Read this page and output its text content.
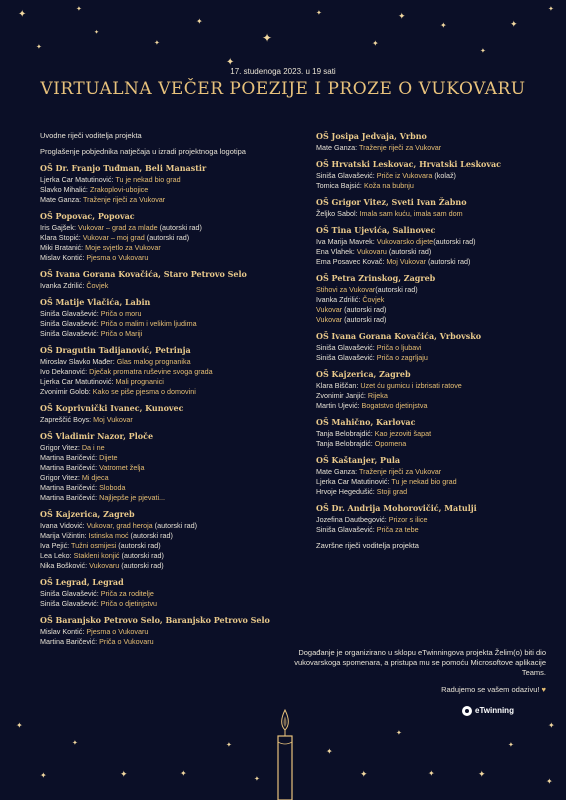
✦	✦
✦
✦
✦
✦	✦
✦	✦
✦
✦	✦
✦
✦
✦
✦
✦
✦	✦
✦
✦
✦
✦
✦	✦
✦
✦
✦	✦	✦
17. studenoga 2023. u 19 sati
VIRTUALNA VEČER POEZIJE I PROZE O VUKOVARU
Uvodne riječi voditelja projekta
Proglašenje pobjednika natječaja u izradi projektnoga logotipa
OŠ Dr. Franjo Tuđman, Beli Manastir
Ljerka Car Matutinović: Tu je nekad bio grad
Slavko Mihalić: Zrakoplovi-ubojice
Mate Ganza: Traženje riječi za Vukovar
OŠ Popovac, Popovac
Iris Gajšek: Vukovar – grad za mlade (autorski rad)
Klara Stopić: Vukovar – moj grad (autorski rad)
Miki Bratanić: Moje svjetlo za Vukovar
Mislav Kontić: Pjesma o Vukovaru
OŠ Ivana Gorana Kovačića, Staro Petrovo Selo
Ivanka Zdrilić: Čovjek
OŠ Matije Vlačića, Labin
Siniša Glavašević: Priča o moru
Siniša Glavašević: Priča o malim i velikim ljudima
Siniša Glavašević: Priča o Mariji
OŠ Dragutin Tadijanović, Petrinja
Miroslav Slavko Mađer: Glas malog prognanika
Ivo Dekanović: Dječak promatra ruševine svoga grada
Ljerka Car Matutinović: Mali prognanici
Zvonimir Golob: Kako se piše pjesma o domovini
OŠ Koprivnički Ivanec, Kunovec
Zapreščić Boys: Moj Vukovar
OŠ Vladimir Nazor, Ploče
Grigor Vitez: Da i ne
Martina Baričević: Dijete
Martina Baričević: Vatromet želja
Grigor Vitez: Mi djeca
Martina Baričević: Sloboda
Martina Baričević: Najljepše je pjevati...
OŠ Kajzerica, Zagreb
Ivana Vidović: Vukovar, grad heroja (autorski rad)
Marija Vižintin: Istinska moć (autorski rad)
Iva Pejić: Tužni osmijesi (autorski rad)
Lea Leko: Stakleni konjić (autorski rad)
Nika Bošković: Vukovaru (autorski rad)
OŠ Legrad, Legrad
Siniša Glavašević: Priča za roditelje
Siniša Glavašević: Priča o djetinjstvu
OŠ Baranjsko Petrovo Selo, Baranjsko Petrovo Selo
Mislav Kontić: Pjesma o Vukovaru
Martina Baričević: Priča o Vukovaru
OŠ Josipa Jedvaja, Vrbno
Mate Ganza: Traženje riječi za Vukovar
OŠ Hrvatski Leskovac, Hrvatski Leskovac
Siniša Glavašević: Priče iz Vukovara (kolaž)
Tomica Bajsić: Koža na bubnju
OŠ Grigor Vitez, Sveti Ivan Žabno
Željko Sabol: Imala sam kuću, imala sam dom
OŠ Tina Ujevića, Salinovec
Iva Marija Mavrek: Vukovarsko dijete(autorski rad)
Ena Vlahek: Vukovaru (autorski rad)
Ema Posavec Kovač: Moj Vukovar (autorski rad)
OŠ Petra Zrinskog, Zagreb
Stihovi za Vukovar(autorski rad)
Ivanka Zdrilić: Čovjek
Vukovar (autorski rad)
Vukovar (autorski rad)
OŠ Ivana Gorana Kovačića, Vrbovsko
Siniša Glavašević: Priča o ljubavi
Siniša Glavašević: Priča o zagrljaju
OŠ Kajzerica, Zagreb
Klara Biščan: Uzet ću gumicu i izbrisati ratove
Zvonimir Janjić: Rijeka
Martin Ujević: Bogatstvo djetinjstva
OŠ Mahično, Karlovac
Tanja Belobrajdić: Kao jezoviti šapat
Tanja Belobrajdić: Opomena
OŠ Kaštanjer, Pula
Mate Ganza: Traženje riječi za Vukovar
Ljerka Car Matutinović: Tu je nekad bio grad
Hrvoje Hegedušić: Stoji grad
OŠ Dr. Andrija Mohorovičić, Matulji
Jozefina Dautbegović: Prizor s ilice
Siniša Glavašević: Priča za tebe
Završne riječi voditelja projekta
Događanje je organizirano u sklopu eTwinningova projekta Želim(o) biti dio vukovarskoga spomenara, a pristupa mu se pomoću Microsoftove aplikacije Teams.
Radujemo se vašem odazivu! ♥
eTwinning
